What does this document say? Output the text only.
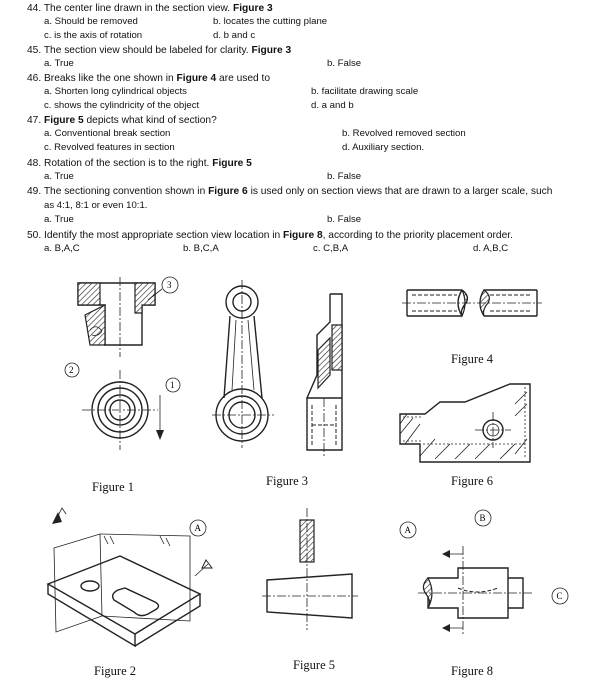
44. The center line drawn in the section view. Figure 3
a. Should be removed	b. locates the cutting plane
c. is the axis of rotation	d. b and c
45. The section view should be labeled for clarity. Figure 3
a. True	b. False
46. Breaks like the one shown in Figure 4 are used to
a. Shorten long cylindrical objects	b. facilitate drawing scale
c. shows the cylindricity of the object	d. a and b
47. Figure 5 depicts what kind of section?
a. Conventional break section	b. Revolved removed section
c. Revolved features in section	d. Auxiliary section.
48. Rotation of the section is to the right. Figure 5
a. True	b. False
49. The sectioning convention shown in Figure 6 is used only on section views that are drawn to a larger scale, such
as 4:1, 8:1 or even 10:1.
a. True	b. False
50. Identify the most appropriate section view location in Figure 8, according to the priority placement order.
a. B,A,C	b. B,C,A	c. C,B,A	d. A,B,C
3
2
1
Figure 1	Figure 3
Figure 4
Figure 6
A
Figure 2	Figure 5
A
B
C
Figure 8
